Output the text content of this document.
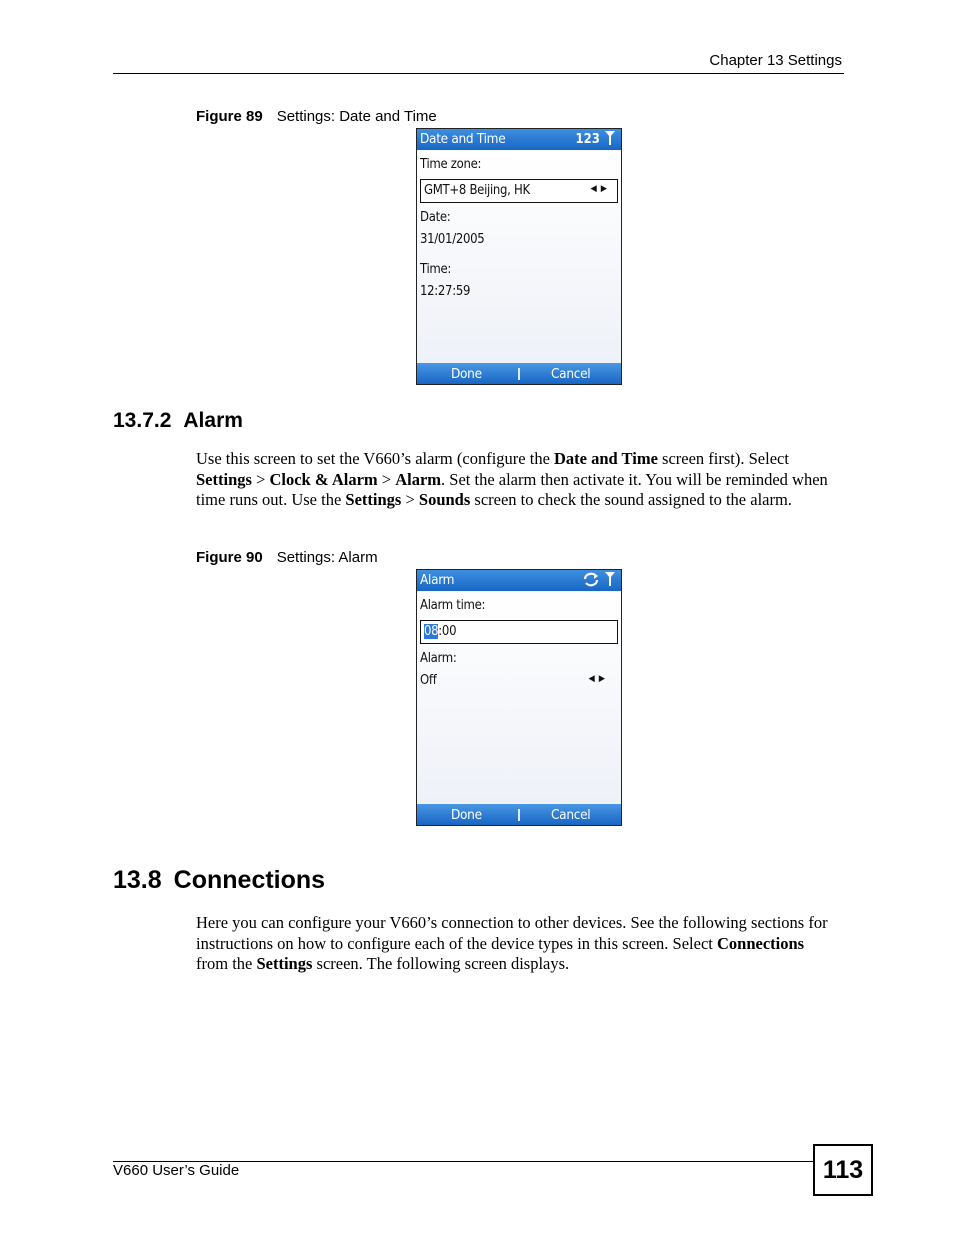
Chapter 13 Settings
Figure 89 Settings: Date and Time
Date and Time	123
Time zone:
GMT+8 Beijing, HK	◀▶
Date:
31/01/2005
Time:
12:27:59
Done	Cancel
13.7.2 Alarm
Use this screen to set the V660’s alarm (configure the Date and Time screen first). Select Settings > Clock & Alarm > Alarm. Set the alarm then activate it. You will be reminded when time runs out. Use the Settings > Sounds screen to check the sound assigned to the alarm.
Figure 90 Settings: Alarm
Alarm

Alarm time:
08:00
Alarm:
Off	◀▶
Done	Cancel
13.8 Connections
Here you can configure your V660’s connection to other devices. See the following sections for instructions on how to configure each of the device types in this screen. Select Connections from the Settings screen. The following screen displays.
V660 User’s Guide	113
